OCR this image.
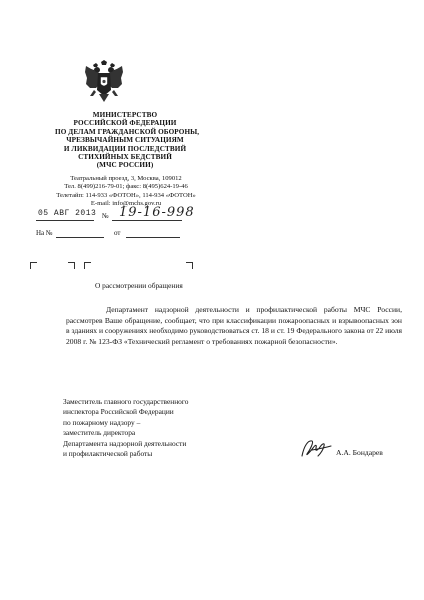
МИНИСТЕРСТВО
РОССИЙСКОЙ ФЕДЕРАЦИИ
ПО ДЕЛАМ ГРАЖДАНСКОЙ ОБОРОНЫ,
ЧРЕЗВЫЧАЙНЫМ СИТУАЦИЯМ
И ЛИКВИДАЦИИ ПОСЛЕДСТВИЙ
СТИХИЙНЫХ БЕДСТВИЙ
(МЧС РОССИИ)
Театральный проезд, 3, Москва, 109012
Тел. 8(499)216-79-01; факс: 8(495)624-19-46
Телетайп: 114-933 «ФОТОН», 114-934 «ФОТОН»
E-mail: info@mchs.gov.ru
05 АВГ 2013 № 19-16-998
На №	от
О рассмотрении обращения
Департамент надзорной деятельности и профилактической работы МЧС России, рассмотрев Ваше обращение, сообщает, что при классификации пожароопасных и взрывоопасных зон в зданиях и сооружениях необходимо руководствоваться ст. 18 и ст. 19 Федерального закона от 22 июля 2008 г. № 123-ФЗ «Технический регламент о требованиях пожарной безопасности».
Заместитель главного государственного
инспектора Российской Федерации
по пожарному надзору –
заместитель директора
Департамента надзорной деятельности
и профилактической работы	А.А. Бондарев
